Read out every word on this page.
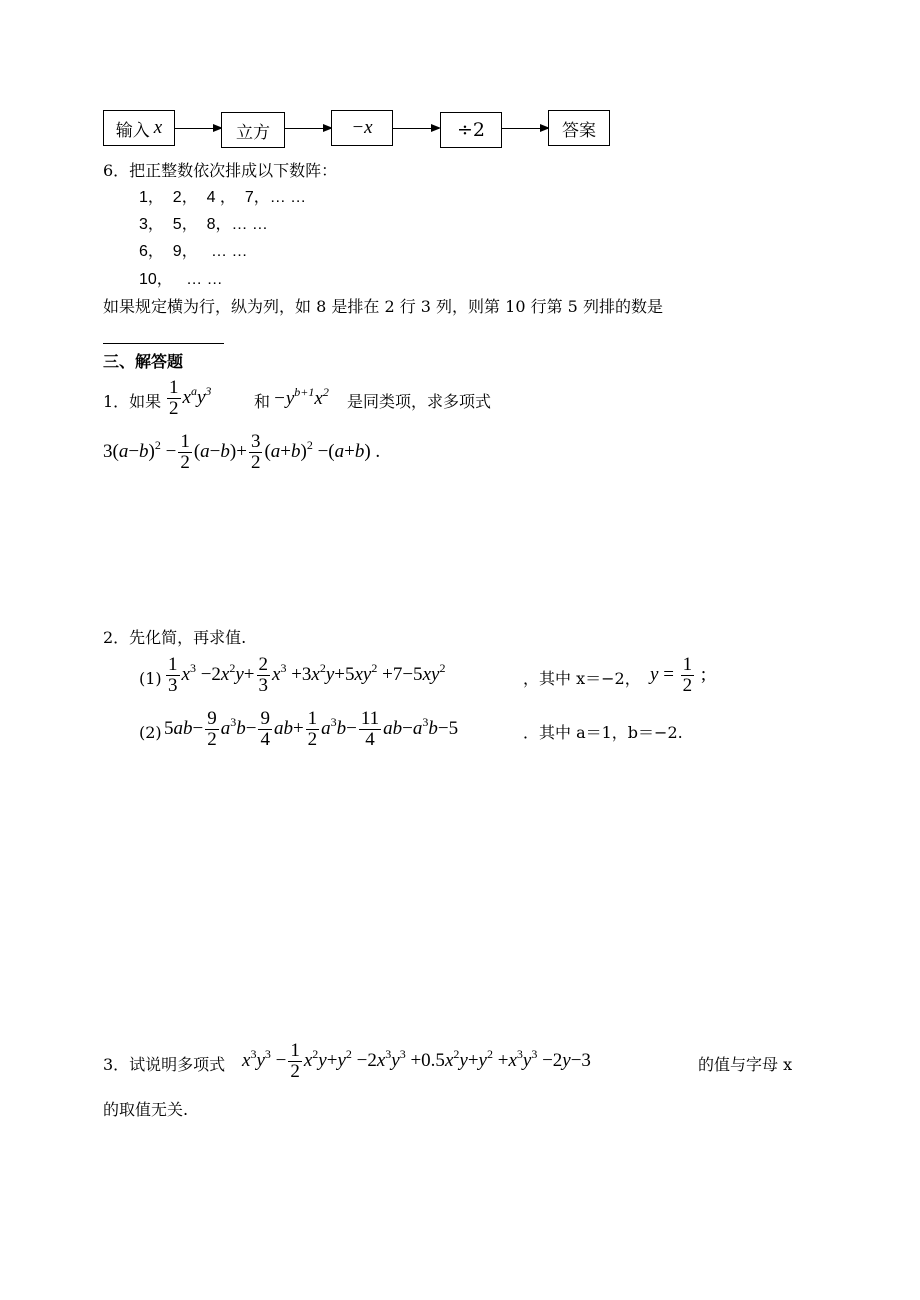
输入 x	立方	−x	÷2	答案
6．把正整数依次排成以下数阵：
1，  2，  4 ，  7，… …
3，  5，  8，… …
6，  9，   … …
10，   … …
如果规定横为行，纵为列，如 8 是排在 2 行 3 列，则第 10 行第 5 列排的数是
三、解答题
1．如果 $\frac{1}{2} x^ay^3$
和 $-y^{b+1}x^2$ 是同类项，求多项式
$3(a-b)^2 - \frac{1}{2} (a-b)+ \frac{3}{2} (a+b)^2 -(a+b)$ .
2．先化简，再求值.
$(1) \frac{1}{3} x^3 -2x^2y+ \frac{2}{3} x^3 +3x^2y+5xy^2 +7-5xy^2$
，其中 x＝−2， $y = \frac{1}{2}$ ;
(2) $5ab- \frac{9}{2} a^3b- \frac{9}{4} ab+ \frac{1}{2} a^3b- \frac{11}{4} ab-a^3b-5$	．其中 a＝1，b＝−2.
3．试说明多项式 $x^3y^3 - \frac{1}{2} x^2y+y^2 -2x^3y^3 +0.5x^2y+y^2 +x^3y^3 -2y-3$	的值与字母 x
的取值无关.
